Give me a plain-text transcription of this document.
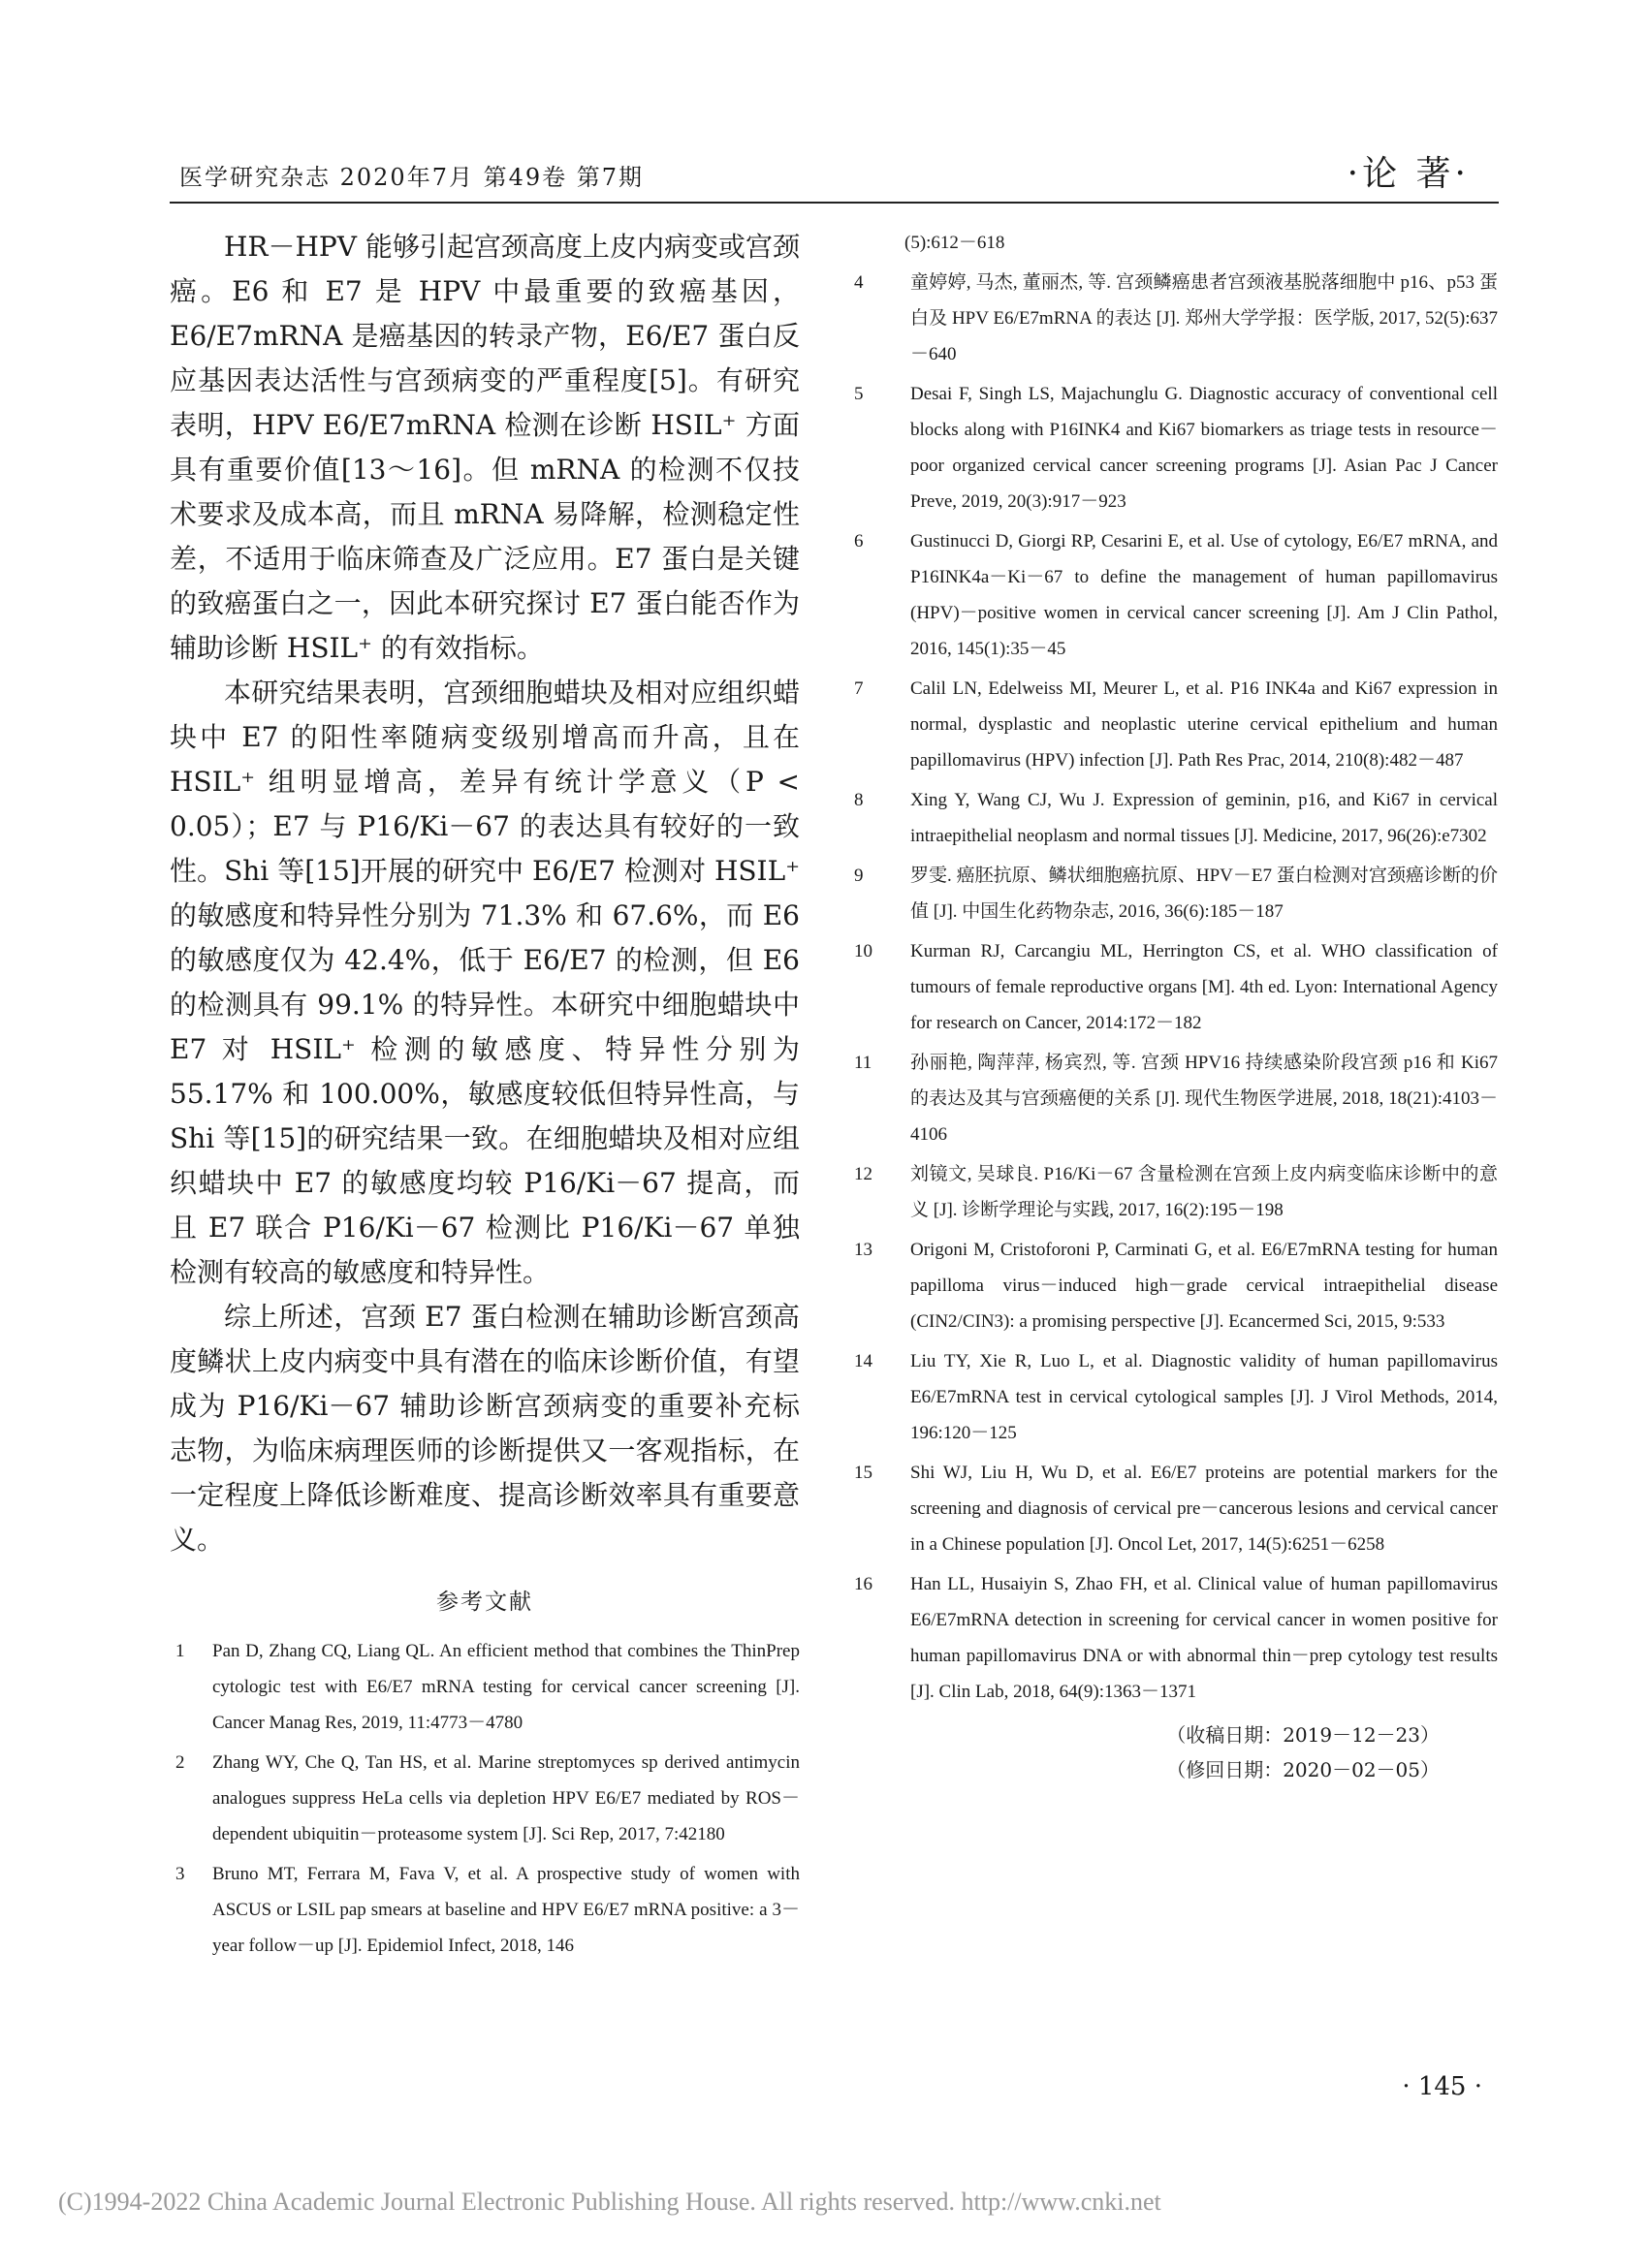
医学研究杂志 2020年7月 第49卷 第7期	·论 著·

HR－HPV 能够引起宫颈高度上皮内病变或宫颈癌。E6 和 E7 是 HPV 中最重要的致癌基因，E6/E7mRNA 是癌基因的转录产物，E6/E7 蛋白反应基因表达活性与宫颈病变的严重程度[5]。有研究表明，HPV E6/E7mRNA 检测在诊断 HSIL⁺ 方面具有重要价值[13～16]。但 mRNA 的检测不仅技术要求及成本高，而且 mRNA 易降解，检测稳定性差，不适用于临床筛查及广泛应用。E7 蛋白是关键的致癌蛋白之一，因此本研究探讨 E7 蛋白能否作为辅助诊断 HSIL⁺ 的有效指标。

本研究结果表明，宫颈细胞蜡块及相对应组织蜡块中 E7 的阳性率随病变级别增高而升高，且在 HSIL⁺ 组明显增高，差异有统计学意义（P < 0.05）；E7 与 P16/Ki－67 的表达具有较好的一致性。Shi 等[15]开展的研究中 E6/E7 检测对 HSIL⁺ 的敏感度和特异性分别为 71.3% 和 67.6%，而 E6 的敏感度仅为 42.4%，低于 E6/E7 的检测，但 E6 的检测具有 99.1% 的特异性。本研究中细胞蜡块中 E7 对 HSIL⁺ 检测的敏感度、特异性分别为 55.17% 和 100.00%，敏感度较低但特异性高，与 Shi 等[15]的研究结果一致。在细胞蜡块及相对应组织蜡块中 E7 的敏感度均较 P16/Ki－67 提高，而且 E7 联合 P16/Ki－67 检测比 P16/Ki－67 单独检测有较高的敏感度和特异性。

综上所述，宫颈 E7 蛋白检测在辅助诊断宫颈高度鳞状上皮内病变中具有潜在的临床诊断价值，有望成为 P16/Ki－67 辅助诊断宫颈病变的重要补充标志物，为临床病理医师的诊断提供又一客观指标，在一定程度上降低诊断难度、提高诊断效率具有重要意义。

参考文献
1	Pan D, Zhang CQ, Liang QL. An efficient method that combines the ThinPrep cytologic test with E6/E7 mRNA testing for cervical cancer screening [J]. Cancer Manag Res, 2019, 11:4773－4780
2	Zhang WY, Che Q, Tan HS, et al. Marine streptomyces sp derived antimycin analogues suppress HeLa cells via depletion HPV E6/E7 mediated by ROS－dependent ubiquitin－proteasome system [J]. Sci Rep, 2017, 7:42180
3	Bruno MT, Ferrara M, Fava V, et al. A prospective study of women with ASCUS or LSIL pap smears at baseline and HPV E6/E7 mRNA positive: a 3－year follow－up [J]. Epidemiol Infect, 2018, 146
(5):612－618
4	童婷婷, 马杰, 董丽杰, 等. 宫颈鳞癌患者宫颈液基脱落细胞中 p16、p53 蛋白及 HPV E6/E7mRNA 的表达 [J]. 郑州大学学报：医学版, 2017, 52(5):637－640
5	Desai F, Singh LS, Majachunglu G. Diagnostic accuracy of conventional cell blocks along with P16INK4 and Ki67 biomarkers as triage tests in resource－poor organized cervical cancer screening programs [J]. Asian Pac J Cancer Preve, 2019, 20(3):917－923
6	Gustinucci D, Giorgi RP, Cesarini E, et al. Use of cytology, E6/E7 mRNA, and P16INK4a－Ki－67 to define the management of human papillomavirus (HPV)－positive women in cervical cancer screening [J]. Am J Clin Pathol, 2016, 145(1):35－45
7	Calil LN, Edelweiss MI, Meurer L, et al. P16 INK4a and Ki67 expression in normal, dysplastic and neoplastic uterine cervical epithelium and human papillomavirus (HPV) infection [J]. Path Res Prac, 2014, 210(8):482－487
8	Xing Y, Wang CJ, Wu J. Expression of geminin, p16, and Ki67 in cervical intraepithelial neoplasm and normal tissues [J]. Medicine, 2017, 96(26):e7302
9	罗雯. 癌胚抗原、鳞状细胞癌抗原、HPV－E7 蛋白检测对宫颈癌诊断的价值 [J]. 中国生化药物杂志, 2016, 36(6):185－187
10	Kurman RJ, Carcangiu ML, Herrington CS, et al. WHO classification of tumours of female reproductive organs [M]. 4th ed. Lyon: International Agency for research on Cancer, 2014:172－182
11	孙丽艳, 陶萍萍, 杨宾烈, 等. 宫颈 HPV16 持续感染阶段宫颈 p16 和 Ki67 的表达及其与宫颈癌便的关系 [J]. 现代生物医学进展, 2018, 18(21):4103－4106
12	刘镜文, 吴球良. P16/Ki－67 含量检测在宫颈上皮内病变临床诊断中的意义 [J]. 诊断学理论与实践, 2017, 16(2):195－198
13	Origoni M, Cristoforoni P, Carminati G, et al. E6/E7mRNA testing for human papilloma virus－induced high－grade cervical intraepithelial disease (CIN2/CIN3): a promising perspective [J]. Ecancermed Sci, 2015, 9:533
14	Liu TY, Xie R, Luo L, et al. Diagnostic validity of human papillomavirus E6/E7mRNA test in cervical cytological samples [J]. J Virol Methods, 2014, 196:120－125
15	Shi WJ, Liu H, Wu D, et al. E6/E7 proteins are potential markers for the screening and diagnosis of cervical pre－cancerous lesions and cervical cancer in a Chinese population [J]. Oncol Let, 2017, 14(5):6251－6258
16	Han LL, Husaiyin S, Zhao FH, et al. Clinical value of human papillomavirus E6/E7mRNA detection in screening for cervical cancer in women positive for human papillomavirus DNA or with abnormal thin－prep cytology test results [J]. Clin Lab, 2018, 64(9):1363－1371
（收稿日期：2019－12－23）
（修回日期：2020－02－05）
· 145 ·
(C)1994-2022 China Academic Journal Electronic Publishing House. All rights reserved. http://www.cnki.net
